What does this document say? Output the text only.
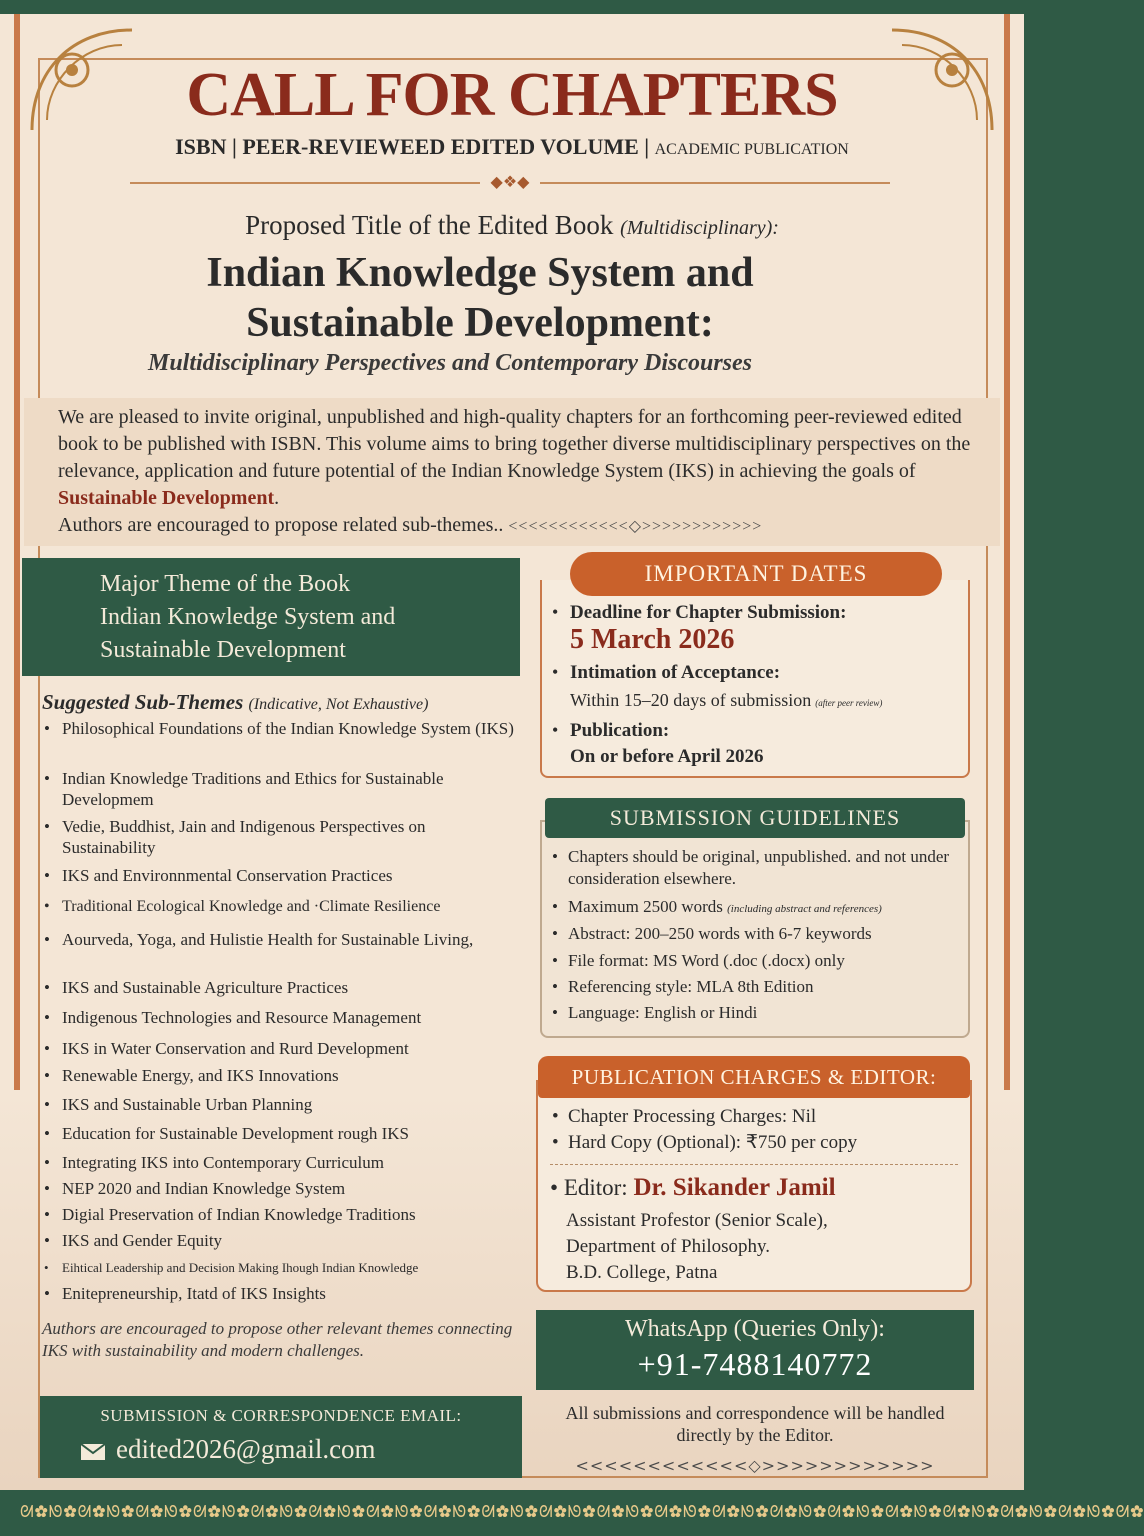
CALL FOR CHAPTERS
ISBN | PEER-REVIEWEED EDITED VOLUME | ACADEMIC PUBLICATION
◆❖◆
Proposed Title of the Edited Book (Multidisciplinary):
Indian Knowledge System and Sustainable Development:
Multidisciplinary Perspectives and Contemporary Discourses
We are pleased to invite original, unpublished and high-quality chapters for an forthcoming peer-reviewed edited book to be published with ISBN. This volume aims to bring together diverse multidisciplinary perspectives on the relevance, application and future potential of the Indian Knowledge System (IKS) in achieving the goals of Sustainable Development.
Authors are encouraged to propose related sub-themes.. <<<<<<<<<<<<◇>>>>>>>>>>>>
Major Theme of the Book
Indian Knowledge System and
Sustainable Development
Suggested Sub-Themes (Indicative, Not Exhaustive)
• Philosophical Foundations of the Indian Knowledge System (IKS)
• Indian Knowledge Traditions and Ethics for Sustainable Developmem
• Vedie, Buddhist, Jain and Indigenous Perspectives on Sustainability
• IKS and Environnmental Conservation Practices
• Traditional Ecological Knowledge and ·Climate Resilience
• Aourveda, Yoga, and Hulistie Health for Sustainable Living,
• IKS and Sustainable Agriculture Practices
• Indigenous Technologies and Resource Management
• IKS in Water Conservation and Rurd Development
• Renewable Energy, and IKS Innovations
• IKS and Sustainable Urban Planning
• Education for Sustainable Development rough IKS
• Integrating IKS into Contemporary Curriculum
• NEP 2020 and Indian Knowledge System
• Digial Preservation of Indian Knowledge Traditions
• IKS and Gender Equity
• Eihtical Leadership and Decision Making Ihough Indian Knowledge
• Enitepreneurship, Itatd of IKS Insights
Authors are encouraged to propose other relevant themes connecting IKS with sustainability and modern challenges.
SUBMISSION & CORRESPONDENCE EMAIL:
edited2026@gmail.com
IMPORTANT DATES
• Deadline for Chapter Submission:
5 March 2026
• Intimation of Acceptance:
Within 15–20 days of submission (after peer review)
• Publication:
On or before April 2026
SUBMISSION GUIDELINES
• Chapters should be original, unpublished. and not under consideration elsewhere.
• Maximum 2500 words (including abstract and references)
• Abstract: 200–250 words with 6-7 keywords
• File format: MS Word (.doc (.docx) only
• Referencing style: MLA 8th Edition
• Language: English or Hindi
PUBLICATION CHARGES & EDITOR:
• Chapter Processing Charges: Nil
• Hard Copy (Optional): ₹750 per copy
• Editor: Dr. Sikander Jamil
Assistant Profestor (Senior Scale),
Department of Philosophy.
B.D. College, Patna
WhatsApp (Queries Only):
+91-7488140772
All submissions and correspondence will be handled directly by the Editor.
<<<<<<<<<<<<◇>>>>>>>>>>>>
ᘛ✿ᘚ✿ᘛ✿ᘚ✿ᘛ✿ᘚ✿ᘛ✿ᘚ✿ᘛ✿ᘚ✿ᘛ✿ᘚ✿ᘛ✿ᘚ✿ᘛ✿ᘚ✿ᘛ✿ᘚ✿ᘛ✿ᘚ✿ᘛ✿ᘚ✿ᘛ✿ᘚ✿ᘛ✿ᘚ✿ᘛ✿ᘚ✿ᘛ✿ᘚ✿ᘛ✿ᘚ✿ᘛ✿ᘚ✿ᘛ✿ᘚ✿ᘛ✿ᘚ✿ᘛ✿
